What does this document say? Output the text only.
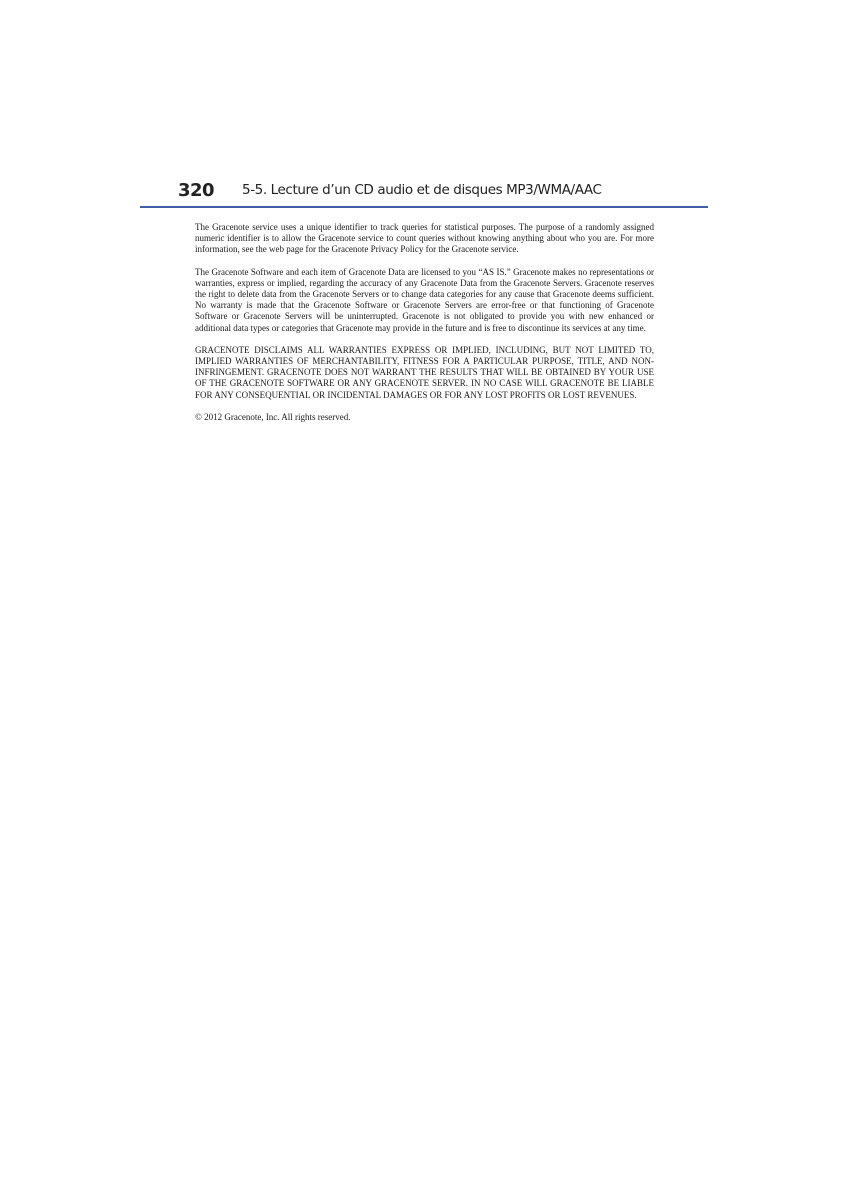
320 5-5. Lecture d’un CD audio et de disques MP3/WMA/AAC

The Gracenote service uses a unique identifier to track queries for statistical purposes. The purpose of a randomly assigned numeric identifier is to allow the Gracenote service to count queries without knowing anything about who you are. For more information, see the web page for the Gracenote Privacy Policy for the Gracenote service.

The Gracenote Software and each item of Gracenote Data are licensed to you “AS IS.” Gracenote makes no representations or warranties, express or implied, regarding the accuracy of any Gracenote Data from the Gracenote Servers. Gracenote reserves the right to delete data from the Gracenote Servers or to change data categories for any cause that Gracenote deems sufficient. No warranty is made that the Gracenote Software or Gracenote Servers are error-free or that functioning of Gracenote Software or Gracenote Servers will be uninterrupted. Gracenote is not obligated to provide you with new enhanced or additional data types or categories that Gracenote may provide in the future and is free to discontinue its services at any time.

GRACENOTE DISCLAIMS ALL WARRANTIES EXPRESS OR IMPLIED, INCLUDING, BUT NOT LIMITED TO, IMPLIED WARRANTIES OF MERCHANTABILITY, FITNESS FOR A PARTICULAR PURPOSE, TITLE, AND NON-INFRINGEMENT. GRACENOTE DOES NOT WARRANT THE RESULTS THAT WILL BE OBTAINED BY YOUR USE OF THE GRACENOTE SOFTWARE OR ANY GRACENOTE SERVER. IN NO CASE WILL GRACENOTE BE LIABLE FOR ANY CONSEQUENTIAL OR INCIDENTAL DAMAGES OR FOR ANY LOST PROFITS OR LOST REVENUES.

© 2012 Gracenote, Inc. All rights reserved.
